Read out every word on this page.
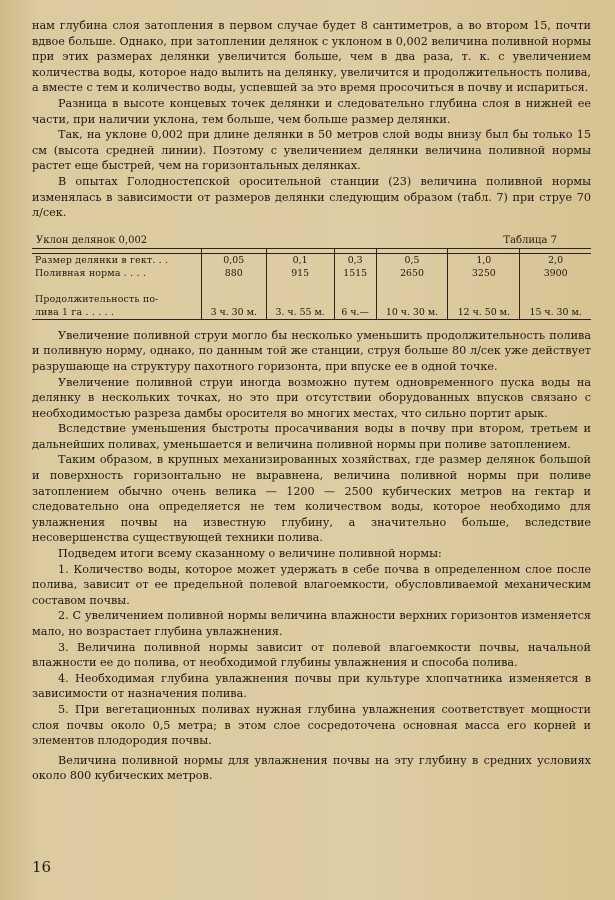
нам глубина слоя затопления в первом случае будет 8 сантиметров, а во втором 15, почти вдвое больше. Однако, при затоплении делянок с уклоном в 0,002 величина поливной нормы при этих размерах делянки увеличится больше, чем в два раза, т. к. с увеличением количества воды, которое надо вылить на делянку, увеличится и продолжительность полива, а вместе с тем и количество воды, успевшей за это время просочиться в почву и испариться.

Разница в высоте концевых точек делянки и следовательно глубина слоя в нижней ее части, при наличии уклона, тем больше, чем больше размер делянки.

Так, на уклоне 0,002 при длине делянки в 50 метров слой воды внизу был бы только 15 см (высота средней линии). Поэтому с увеличением делянки величина поливной нормы растет еще быстрей, чем на горизонтальных делянках.

В опытах Голодностепской оросительной станции (23) величина поливной нормы изменялась в зависимости от размеров делянки следующим образом (табл. 7) при струе 70 л/сек.

Уклон делянок 0,002	Таблица 7

Размер делянки в гект. . .	0,05	0,1	0,3	0,5	1,0	2,0
Поливная норма . . . .	880	915	1515	2650	3250	3900
Продолжительность по-						
лива 1 га . . . . .	3 ч. 30 м.	3. ч. 55 м.	6 ч.—	10 ч. 30 м.	12 ч. 50 м.	15 ч. 30 м.

Увеличение поливной струи могло бы несколько уменьшить продолжительность полива и поливную норму, однако, по данным той же станции, струя больше 80 л/сек уже действует разрушающе на структуру пахотного горизонта, при впуске ее в одной точке.

Увеличение поливной струи иногда возможно путем одновременного пуска воды на делянку в нескольких точках, но это при отсутствии оборудованных впусков связано с необходимостью разреза дамбы оросителя во многих местах, что сильно портит арык.

Вследствие уменьшения быстроты просачивания воды в почву при втором, третьем и дальнейших поливах, уменьшается и величина поливной нормы при поливе затоплением.

Таким образом, в крупных механизированных хозяйствах, где размер делянок большой и поверхность горизонтально не выравнена, величина поливной нормы при поливе затоплением обычно очень велика — 1200 — 2500 кубических метров на гектар и следовательно она определяется не тем количеством воды, которое необходимо для увлажнения почвы на известную глубину, а значительно больше, вследствие несовершенства существующей техники полива.

Подведем итоги всему сказанному о величине поливной нормы:

1. Количество воды, которое может удержать в себе почва в определенном слое после полива, зависит от ее предельной полевой влагоемкости, обусловливаемой механическим составом почвы.

2. С увеличением поливной нормы величина влажности верхних горизонтов изменяется мало, но возрастает глубина увлажнения.

3. Величина поливной нормы зависит от полевой влагоемкости почвы, начальной влажности ее до полива, от необходимой глубины увлажнения и способа полива.

4. Необходимая глубина увлажнения почвы при культуре хлопчатника изменяется в зависимости от назначения полива.

5. При вегетационных поливах нужная глубина увлажнения соответствует мощности слоя почвы около 0,5 метра; в этом слое сосредоточена основная масса его корней и элементов плодородия почвы.

Величина поливной нормы для увлажнения почвы на эту глубину в средних условиях около 800 кубических метров.

16
